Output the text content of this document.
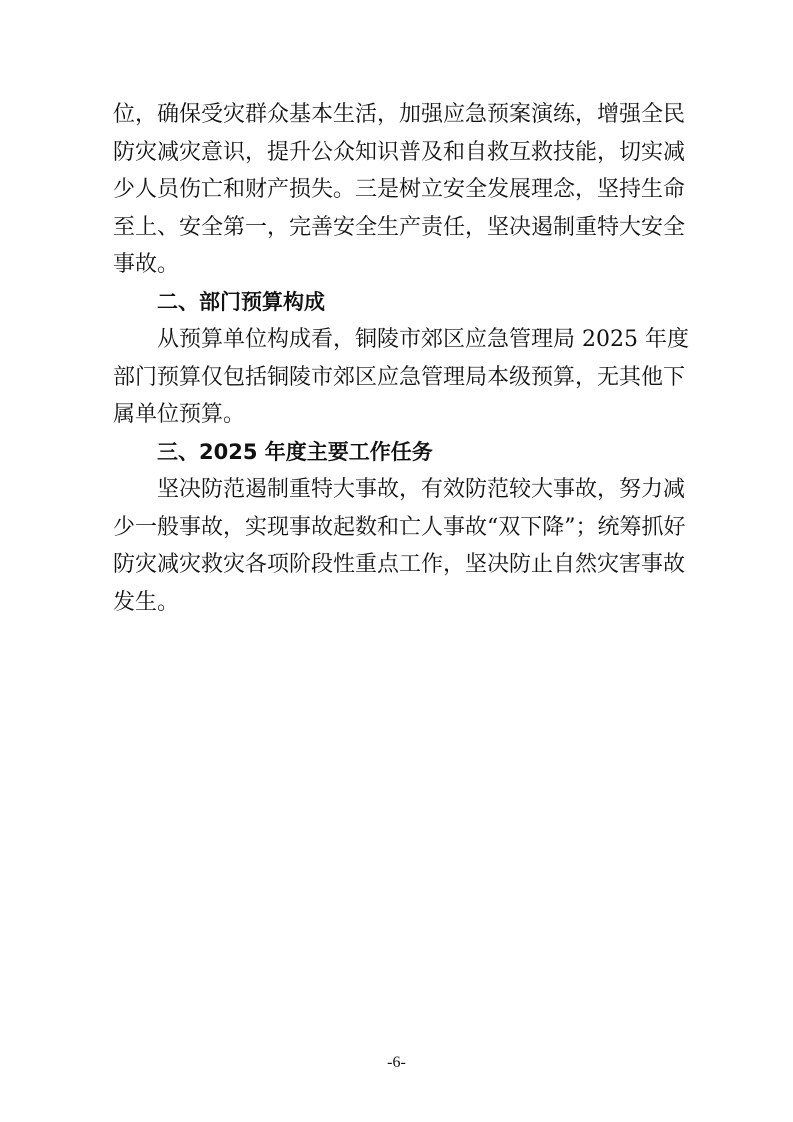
位，确保受灾群众基本生活，加强应急预案演练，增强全民
防灾减灾意识，提升公众知识普及和自救互救技能，切实减
少人员伤亡和财产损失。三是树立安全发展理念，坚持生命
至上、安全第一，完善安全生产责任，坚决遏制重特大安全
事故。
二、部门预算构成
从预算单位构成看，铜陵市郊区应急管理局 2025 年度
部门预算仅包括铜陵市郊区应急管理局本级预算，无其他下
属单位预算。
三、2025 年度主要工作任务
坚决防范遏制重特大事故，有效防范较大事故，努力减
少一般事故，实现事故起数和亡人事故“双下降”；统筹抓好
防灾减灾救灾各项阶段性重点工作，坚决防止自然灾害事故
发生。
-6-
